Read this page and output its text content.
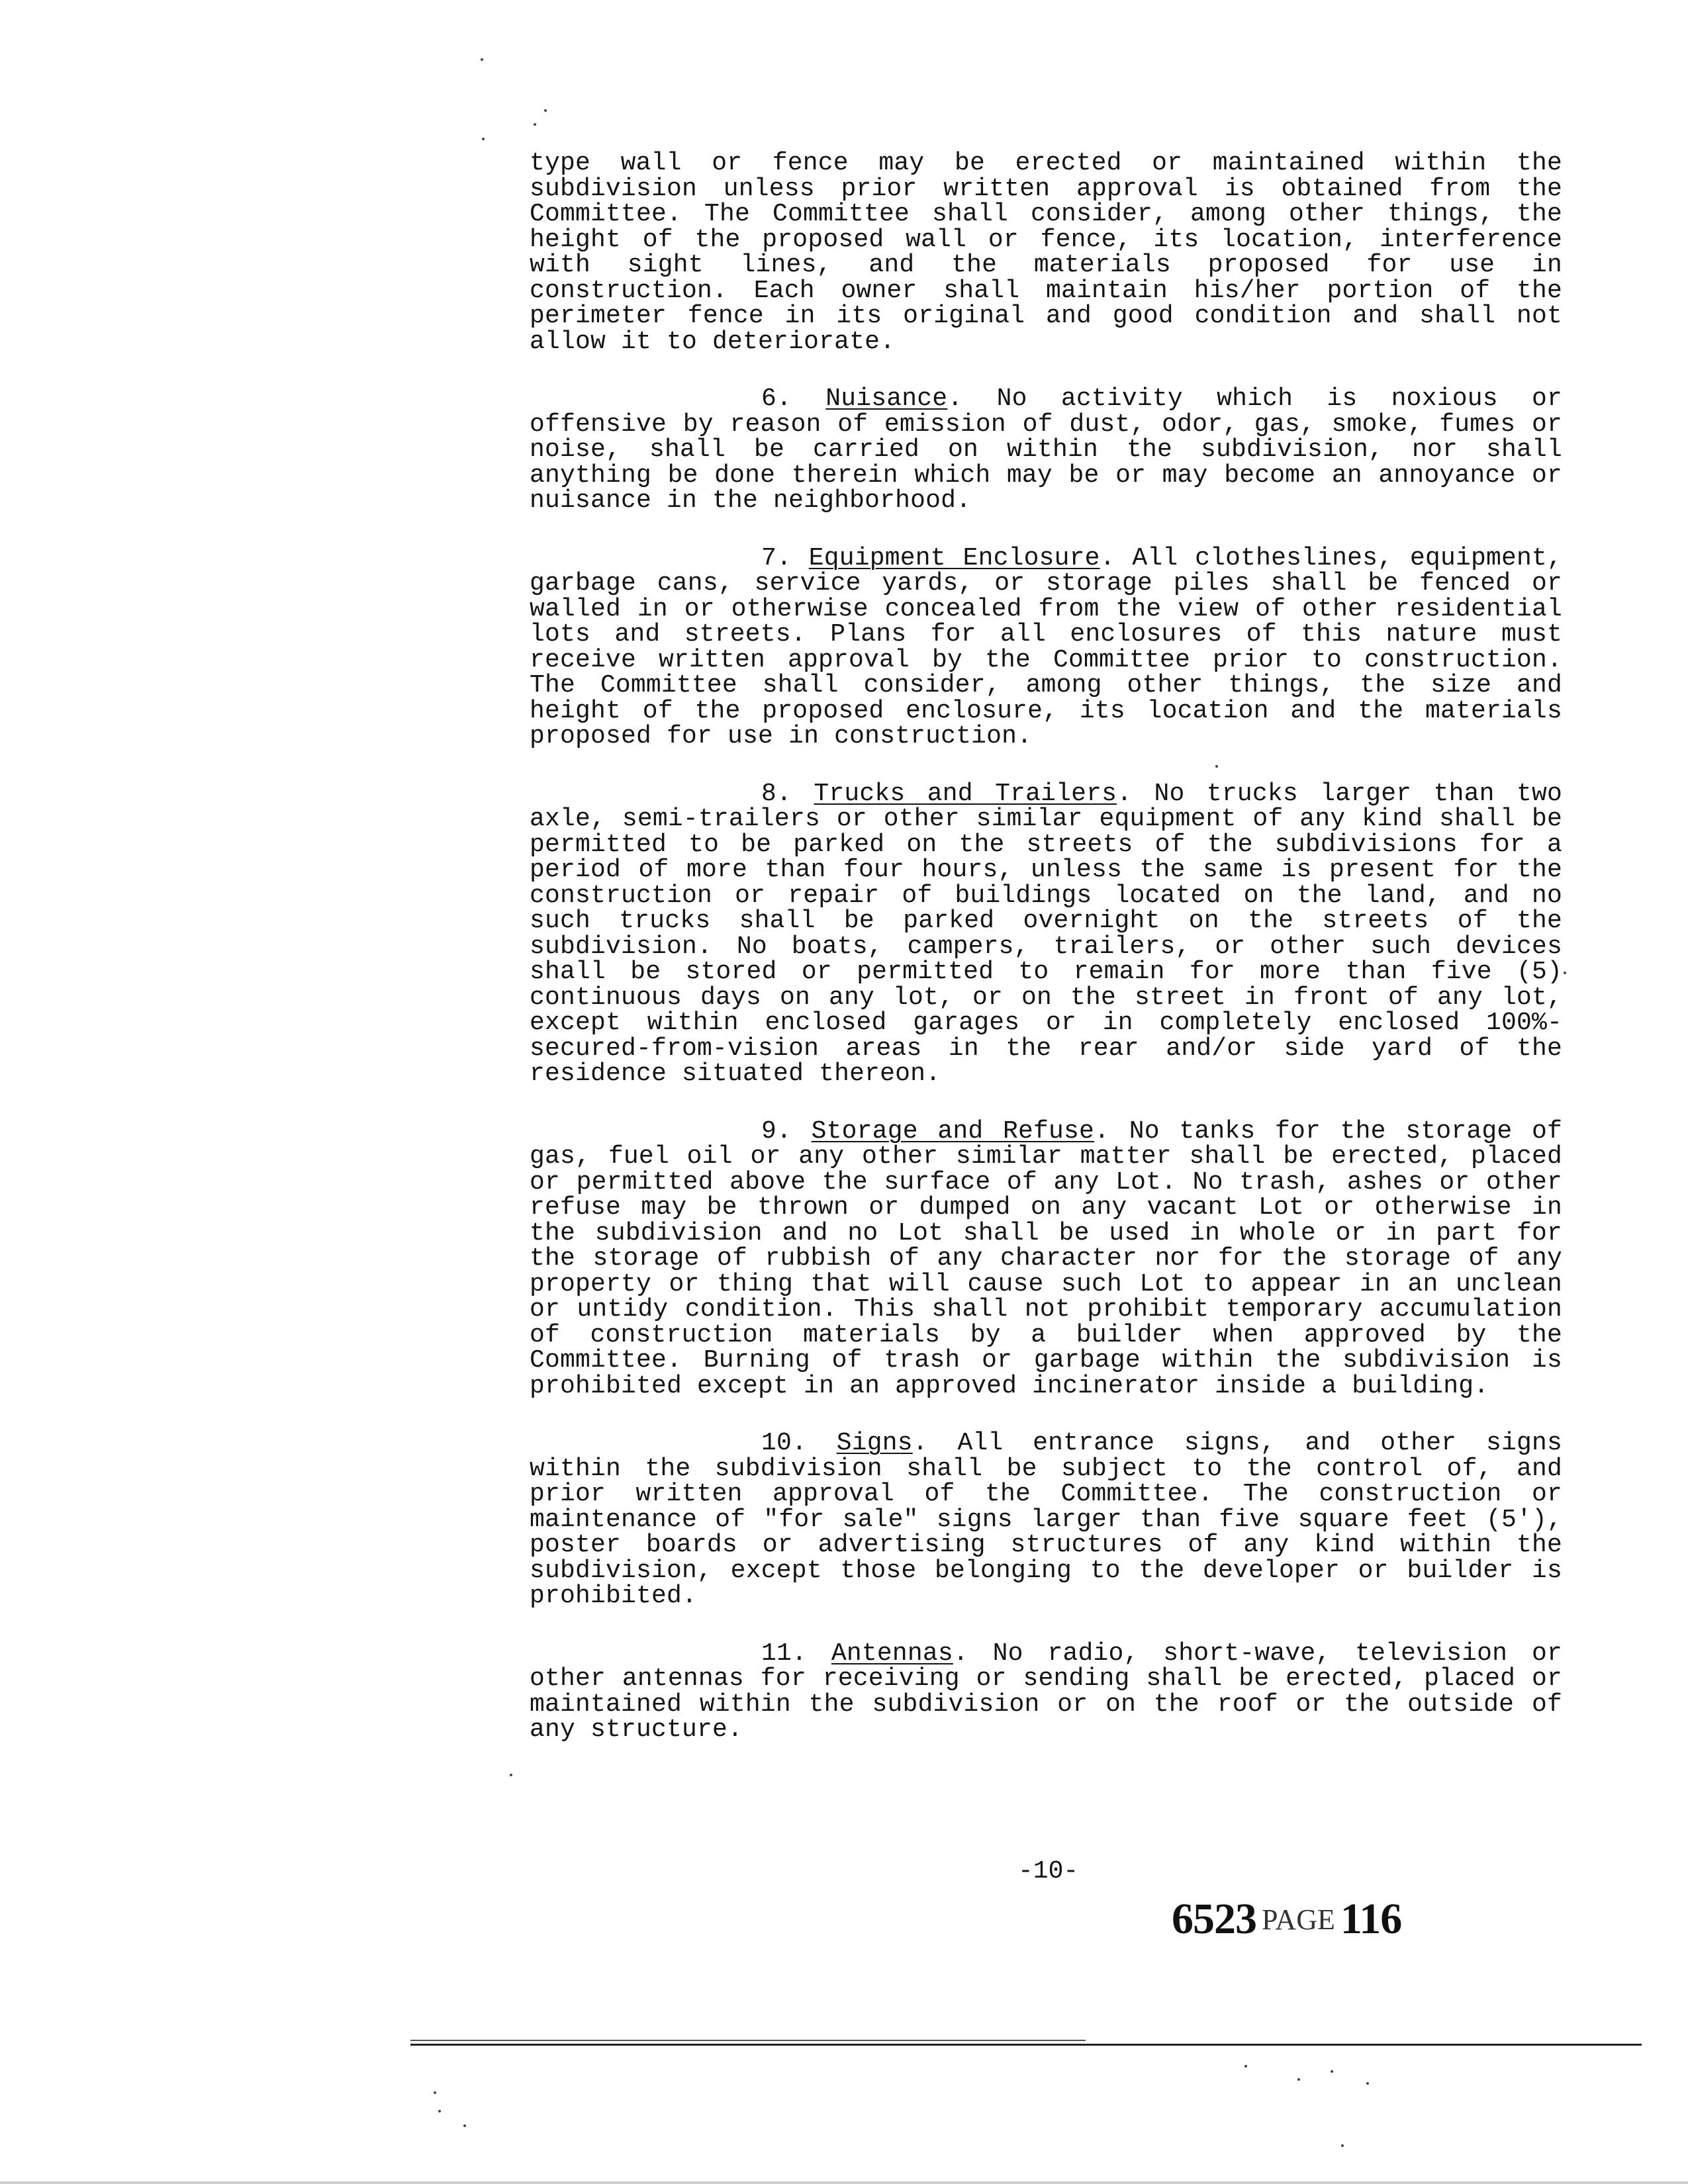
type wall or fence may be erected or maintained within the subdivision unless prior written approval is obtained from the Committee. The Committee shall consider, among other things, the height of the proposed wall or fence, its location, interference with sight lines, and the materials proposed for use in construction. Each owner shall maintain his/her portion of the perimeter fence in its original and good condition and shall not allow it to deteriorate.

6. Nuisance. No activity which is noxious or offensive by reason of emission of dust, odor, gas, smoke, fumes or noise, shall be carried on within the subdivision, nor shall anything be done therein which may be or may become an annoyance or nuisance in the neighborhood.

7. Equipment Enclosure. All clotheslines, equipment, garbage cans, service yards, or storage piles shall be fenced or walled in or otherwise concealed from the view of other residential lots and streets. Plans for all enclosures of this nature must receive written approval by the Committee prior to construction. The Committee shall consider, among other things, the size and height of the proposed enclosure, its location and the materials proposed for use in construction.

8. Trucks and Trailers. No trucks larger than two axle, semi-trailers or other similar equipment of any kind shall be permitted to be parked on the streets of the subdivisions for a period of more than four hours, unless the same is present for the construction or repair of buildings located on the land, and no such trucks shall be parked overnight on the streets of the subdivision. No boats, campers, trailers, or other such devices shall be stored or permitted to remain for more than five (5) continuous days on any lot, or on the street in front of any lot, except within enclosed garages or in completely enclosed 100%-secured-from-vision areas in the rear and/or side yard of the residence situated thereon.

9. Storage and Refuse. No tanks for the storage of gas, fuel oil or any other similar matter shall be erected, placed or permitted above the surface of any Lot. No trash, ashes or other refuse may be thrown or dumped on any vacant Lot or otherwise in the subdivision and no Lot shall be used in whole or in part for the storage of rubbish of any character nor for the storage of any property or thing that will cause such Lot to appear in an unclean or untidy condition. This shall not prohibit temporary accumulation of construction materials by a builder when approved by the Committee. Burning of trash or garbage within the subdivision is prohibited except in an approved incinerator inside a building.

10. Signs. All entrance signs, and other signs within the subdivision shall be subject to the control of, and prior written approval of the Committee. The construction or maintenance of "for sale" signs larger than five square feet (5'), poster boards or advertising structures of any kind within the subdivision, except those belonging to the developer or builder is prohibited.

11. Antennas. No radio, short-wave, television or other antennas for receiving or sending shall be erected, placed or maintained within the subdivision or on the roof or the outside of any structure.

-10-
6523 PAGE 116
